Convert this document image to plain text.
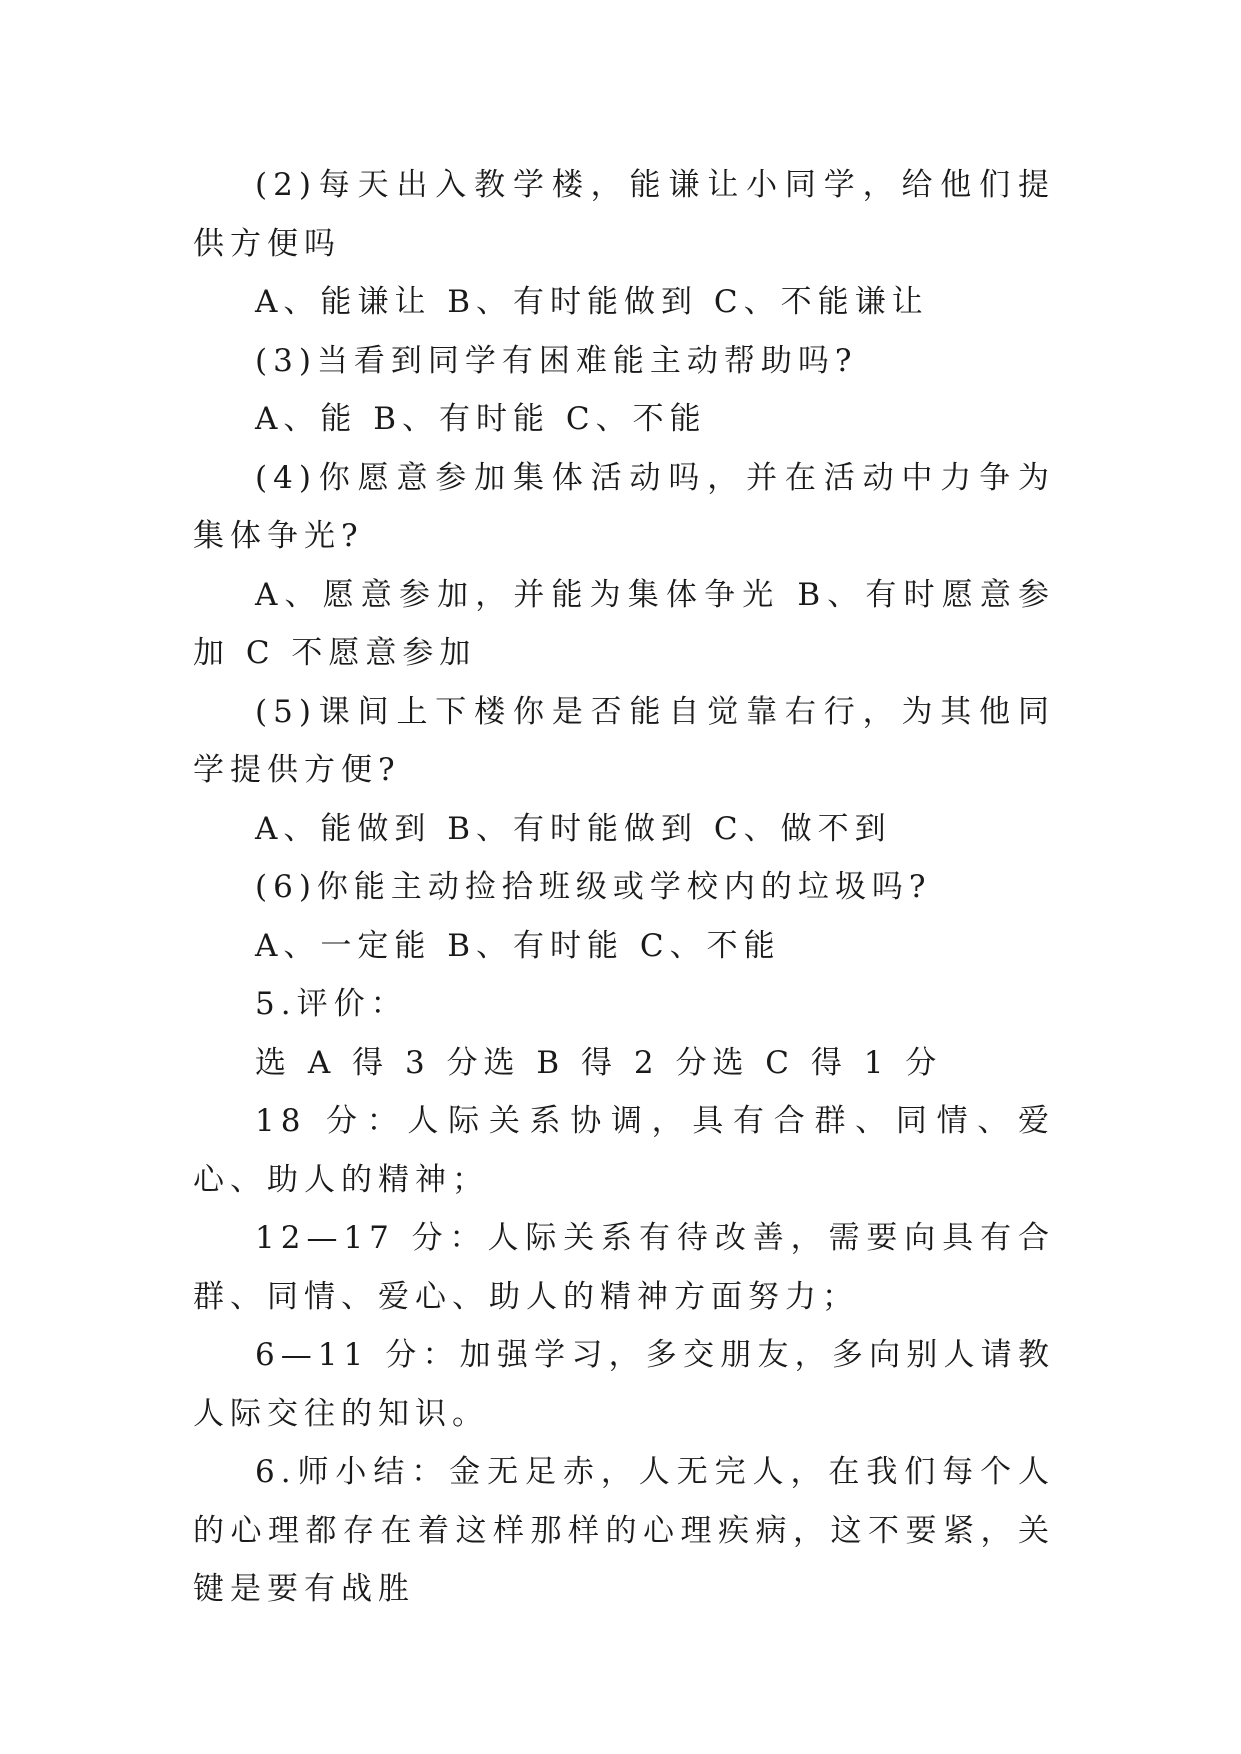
(2)每天出入教学楼，能谦让小同学，给他们提供方便吗

A、能谦让 B、有时能做到 C、不能谦让

(3)当看到同学有困难能主动帮助吗?

A、能 B、有时能 C、不能

(4)你愿意参加集体活动吗，并在活动中力争为集体争光?

A、愿意参加，并能为集体争光 B、有时愿意参加 C 不愿意参加

(5)课间上下楼你是否能自觉靠右行，为其他同学提供方便?

A、能做到 B、有时能做到 C、做不到

(6)你能主动捡拾班级或学校内的垃圾吗?

A、一定能 B、有时能 C、不能

5.评价：

选 A 得 3 分选 B 得 2 分选 C 得 1 分

18 分：人际关系协调，具有合群、同情、爱心、助人的精神；

12—17 分：人际关系有待改善，需要向具有合群、同情、爱心、助人的精神方面努力；

6—11 分：加强学习，多交朋友，多向别人请教人际交往的知识。

6.师小结：金无足赤，人无完人，在我们每个人的心理都存在着这样那样的心理疾病，这不要紧，关键是要有战胜
